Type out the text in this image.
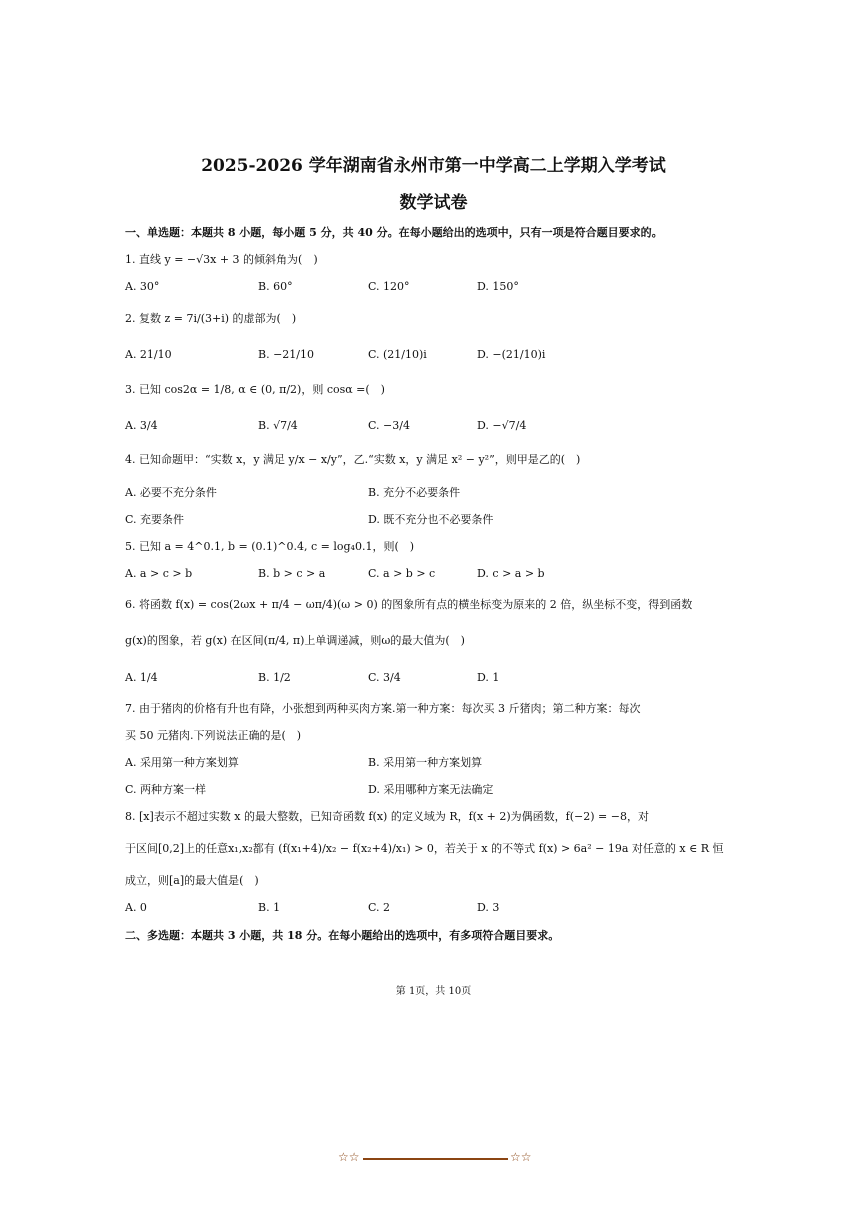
2025-2026 学年湖南省永州市第一中学高二上学期入学考试
数学试卷
一、单选题：本题共 8 小题，每小题 5 分，共 40 分。在每小题给出的选项中，只有一项是符合题目要求的。
1. 直线 y = −√3x + 3 的倾斜角为(　)
A. 30°	B. 60°	C. 120°	D. 150°
2. 复数 z = 7i/(3+i) 的虚部为(　)
A. 21/10	B. −21/10	C. (21/10)i	D. −(21/10)i
3. 已知 cos2α = 1/8, α ∈ (0, π/2)，则 cosα =(　)
A. 3/4	B. √7/4	C. −3/4	D. −√7/4
4. 已知命题甲：“实数 x，y 满足 y/x − x/y”，乙.“实数 x，y 满足 x² − y²”，则甲是乙的(　)
A. 必要不充分条件	B. 充分不必要条件
C. 充要条件	D. 既不充分也不必要条件
5. 已知 a = 4^0.1, b = (0.1)^0.4, c = log₄0.1，则(　)
A. a > c > b	B. b > c > a	C. a > b > c	D. c > a > b
6. 将函数 f(x) = cos(2ωx + π/4 − ωπ/4)(ω > 0) 的图象所有点的横坐标变为原来的 2 倍，纵坐标不变，得到函数
g(x)的图象，若 g(x) 在区间(π/4, π)上单调递减，则ω的最大值为(　)
A. 1/4	B. 1/2	C. 3/4	D. 1
7. 由于猪肉的价格有升也有降，小张想到两种买肉方案.第一种方案：每次买 3 斤猪肉；第二种方案：每次
买 50 元猪肉.下列说法正确的是(　)
A. 采用第一种方案划算	B. 采用第一种方案划算
C. 两种方案一样	D. 采用哪种方案无法确定
8. [x]表示不超过实数 x 的最大整数，已知奇函数 f(x) 的定义域为 R，f(x + 2)为偶函数，f(−2) = −8，对
于区间[0,2]上的任意x₁,x₂都有 (f(x₁+4)/x₂ − f(x₂+4)/x₁) > 0，若关于 x 的不等式 f(x) > 6a² − 19a 对任意的 x ∈ R 恒
成立，则[a]的最大值是(　)
A. 0	B. 1	C. 2	D. 3
二、多选题：本题共 3 小题，共 18 分。在每小题给出的选项中，有多项符合题目要求。
第 1页，共 10页
☆☆	☆☆
